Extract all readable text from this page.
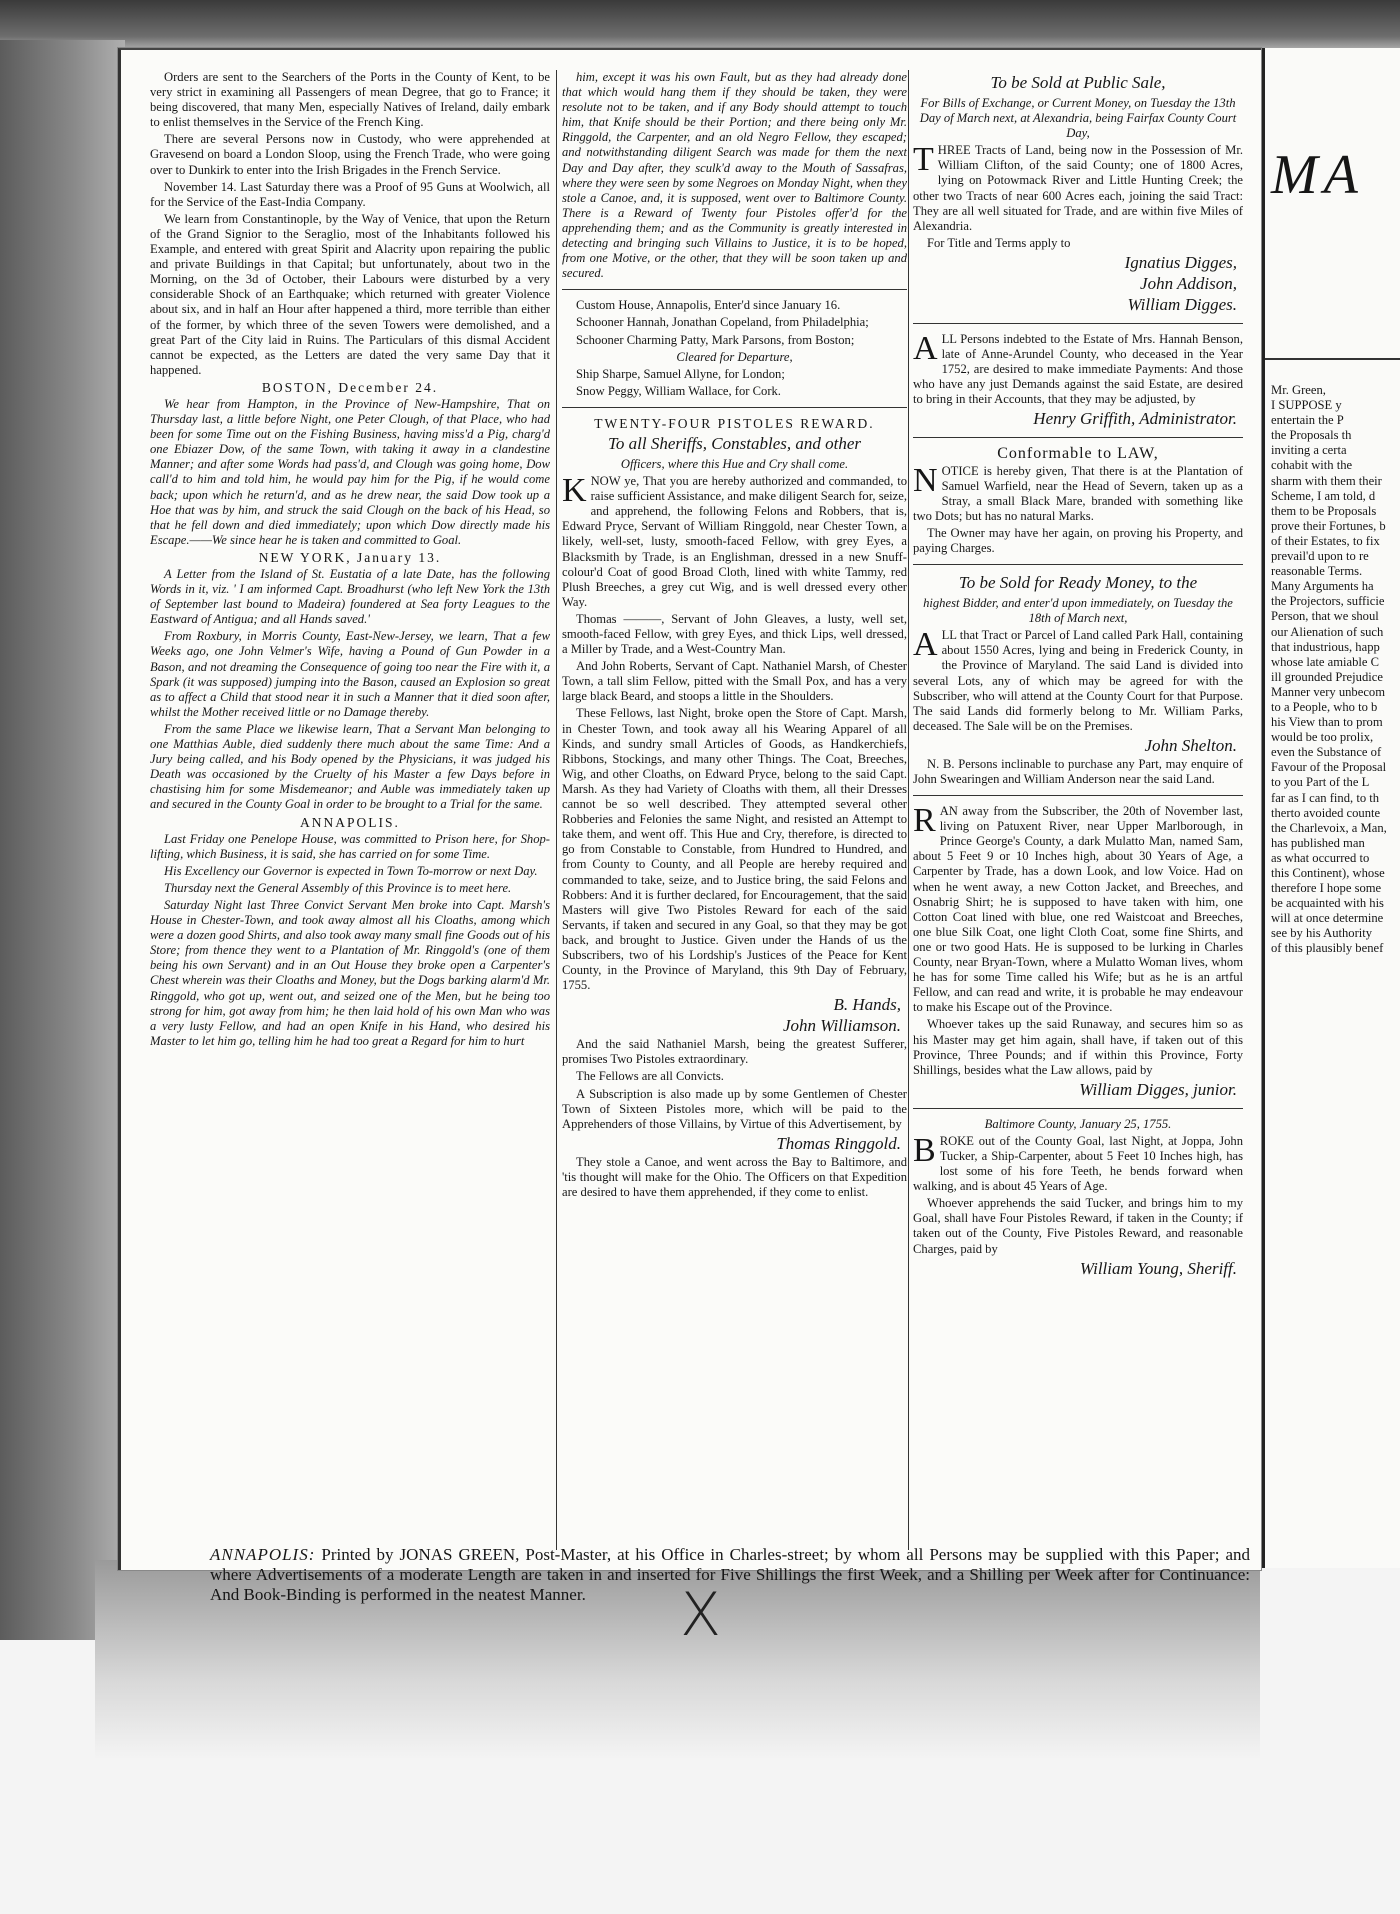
Orders are sent to the Searchers of the Ports in the County of Kent, to be very strict in examining all Passengers of mean Degree, that go to France; it being discovered, that many Men, especially Natives of Ireland, daily embark to enlist themselves in the Service of the French King.

There are several Persons now in Custody, who were apprehended at Gravesend on board a London Sloop, using the French Trade, who were going over to Dunkirk to enter into the Irish Brigades in the French Service.

November 14. Last Saturday there was a Proof of 95 Guns at Woolwich, all for the Service of the East-India Company.

We learn from Constantinople, by the Way of Venice, that upon the Return of the Grand Signior to the Seraglio, most of the Inhabitants followed his Example, and entered with great Spirit and Alacrity upon repairing the public and private Buildings in that Capital; but unfortunately, about two in the Morning, on the 3d of October, their Labours were disturbed by a very considerable Shock of an Earthquake; which returned with greater Violence about six, and in half an Hour after happened a third, more terrible than either of the former, by which three of the seven Towers were demolished, and a great Part of the City laid in Ruins. The Particulars of this dismal Accident cannot be expected, as the Letters are dated the very same Day that it happened.

BOSTON, December 24.

We hear from Hampton, in the Province of New-Hampshire, That on Thursday last, a little before Night, one Peter Clough, of that Place, who had been for some Time out on the Fishing Business, having miss'd a Pig, charg'd one Ebiazer Dow, of the same Town, with taking it away in a clandestine Manner; and after some Words had pass'd, and Clough was going home, Dow call'd to him and told him, he would pay him for the Pig, if he would come back; upon which he return'd, and as he drew near, the said Dow took up a Hoe that was by him, and struck the said Clough on the back of his Head, so that he fell down and died immediately; upon which Dow directly made his Escape.——We since hear he is taken and committed to Goal.

NEW YORK, January 13.

A Letter from the Island of St. Eustatia of a late Date, has the following Words in it, viz. ' I am informed Capt. Broadhurst (who left New York the 13th of September last bound to Madeira) foundered at Sea forty Leagues to the Eastward of Antigua; and all Hands saved.'

From Roxbury, in Morris County, East-New-Jersey, we learn, That a few Weeks ago, one John Velmer's Wife, having a Pound of Gun Powder in a Bason, and not dreaming the Consequence of going too near the Fire with it, a Spark (it was supposed) jumping into the Bason, caused an Explosion so great as to affect a Child that stood near it in such a Manner that it died soon after, whilst the Mother received little or no Damage thereby.

From the same Place we likewise learn, That a Servant Man belonging to one Matthias Auble, died suddenly there much about the same Time: And a Jury being called, and his Body opened by the Physicians, it was judged his Death was occasioned by the Cruelty of his Master a few Days before in chastising him for some Misdemeanor; and Auble was immediately taken up and secured in the County Goal in order to be brought to a Trial for the same.

ANNAPOLIS.

Last Friday one Penelope House, was committed to Prison here, for Shop-lifting, which Business, it is said, she has carried on for some Time.

His Excellency our Governor is expected in Town To-morrow or next Day.

Thursday next the General Assembly of this Province is to meet here.

Saturday Night last Three Convict Servant Men broke into Capt. Marsh's House in Chester-Town, and took away almost all his Cloaths, among which were a dozen good Shirts, and also took away many small fine Goods out of his Store; from thence they went to a Plantation of Mr. Ringgold's (one of them being his own Servant) and in an Out House they broke open a Carpenter's Chest wherein was their Cloaths and Money, but the Dogs barking alarm'd Mr. Ringgold, who got up, went out, and seized one of the Men, but he being too strong for him, got away from him; he then laid hold of his own Man who was a very lusty Fellow, and had an open Knife in his Hand, who desired his Master to let him go, telling him he had too great a Regard for him to hurt

him, except it was his own Fault, but as they had already done that which would hang them if they should be taken, they were resolute not to be taken, and if any Body should attempt to touch him, that Knife should be their Portion; and there being only Mr. Ringgold, the Carpenter, and an old Negro Fellow, they escaped; and notwithstanding diligent Search was made for them the next Day and Day after, they sculk'd away to the Mouth of Sassafras, where they were seen by some Negroes on Monday Night, when they stole a Canoe, and, it is supposed, went over to Baltimore County. There is a Reward of Twenty four Pistoles offer'd for the apprehending them; and as the Community is greatly interested in detecting and bringing such Villains to Justice, it is to be hoped, from one Motive, or the other, that they will be soon taken up and secured.

Custom House, Annapolis, Enter'd since January 16.

Schooner Hannah, Jonathan Copeland, from Philadelphia;

Schooner Charming Patty, Mark Parsons, from Boston;

Cleared for Departure,

Ship Sharpe, Samuel Allyne, for London;

Snow Peggy, William Wallace, for Cork.

TWENTY-FOUR PISTOLES REWARD.

To all Sheriffs, Constables, and other

Officers, where this Hue and Cry shall come.

KNOW ye, That you are hereby authorized and commanded, to raise sufficient Assistance, and make diligent Search for, seize, and apprehend, the following Felons and Robbers, that is, Edward Pryce, Servant of William Ringgold, near Chester Town, a likely, well-set, lusty, smooth-faced Fellow, with grey Eyes, a Blacksmith by Trade, is an Englishman, dressed in a new Snuff-colour'd Coat of good Broad Cloth, lined with white Tammy, red Plush Breeches, a grey cut Wig, and is well dressed every other Way.

Thomas ———, Servant of John Gleaves, a lusty, well set, smooth-faced Fellow, with grey Eyes, and thick Lips, well dressed, a Miller by Trade, and a West-Country Man.

And John Roberts, Servant of Capt. Nathaniel Marsh, of Chester Town, a tall slim Fellow, pitted with the Small Pox, and has a very large black Beard, and stoops a little in the Shoulders.

These Fellows, last Night, broke open the Store of Capt. Marsh, in Chester Town, and took away all his Wearing Apparel of all Kinds, and sundry small Articles of Goods, as Handkerchiefs, Ribbons, Stockings, and many other Things. The Coat, Breeches, Wig, and other Cloaths, on Edward Pryce, belong to the said Capt. Marsh. As they had Variety of Cloaths with them, all their Dresses cannot be so well described. They attempted several other Robberies and Felonies the same Night, and resisted an Attempt to take them, and went off. This Hue and Cry, therefore, is directed to go from Constable to Constable, from Hundred to Hundred, and from County to County, and all People are hereby required and commanded to take, seize, and to Justice bring, the said Felons and Robbers: And it is further declared, for Encouragement, that the said Masters will give Two Pistoles Reward for each of the said Servants, if taken and secured in any Goal, so that they may be got back, and brought to Justice. Given under the Hands of us the Subscribers, two of his Lordship's Justices of the Peace for Kent County, in the Province of Maryland, this 9th Day of February, 1755.

B. Hands,

John Williamson.

And the said Nathaniel Marsh, being the greatest Sufferer, promises Two Pistoles extraordinary.

The Fellows are all Convicts.

A Subscription is also made up by some Gentlemen of Chester Town of Sixteen Pistoles more, which will be paid to the Apprehenders of those Villains, by Virtue of this Advertisement, by

Thomas Ringgold.

They stole a Canoe, and went across the Bay to Baltimore, and 'tis thought will make for the Ohio. The Officers on that Expedition are desired to have them apprehended, if they come to enlist.

To be Sold at Public Sale,

For Bills of Exchange, or Current Money, on Tuesday the 13th Day of March next, at Alexandria, being Fairfax County Court Day,

THREE Tracts of Land, being now in the Possession of Mr. William Clifton, of the said County; one of 1800 Acres, lying on Potowmack River and Little Hunting Creek; the other two Tracts of near 600 Acres each, joining the said Tract: They are all well situated for Trade, and are within five Miles of Alexandria.

For Title and Terms apply to

Ignatius Digges,

John Addison,

William Digges.

ALL Persons indebted to the Estate of Mrs. Hannah Benson, late of Anne-Arundel County, who deceased in the Year 1752, are desired to make immediate Payments: And those who have any just Demands against the said Estate, are desired to bring in their Accounts, that they may be adjusted, by

Henry Griffith, Administrator.

Conformable to LAW,

NOTICE is hereby given, That there is at the Plantation of Samuel Warfield, near the Head of Severn, taken up as a Stray, a small Black Mare, branded with something like two Dots; but has no natural Marks.

The Owner may have her again, on proving his Property, and paying Charges.

To be Sold for Ready Money, to the

highest Bidder, and enter'd upon immediately, on Tuesday the 18th of March next,

ALL that Tract or Parcel of Land called Park Hall, containing about 1550 Acres, lying and being in Frederick County, in the Province of Maryland. The said Land is divided into several Lots, any of which may be agreed for with the Subscriber, who will attend at the County Court for that Purpose. The said Lands did formerly belong to Mr. William Parks, deceased. The Sale will be on the Premises.

John Shelton.

N. B. Persons inclinable to purchase any Part, may enquire of John Swearingen and William Anderson near the said Land.

RAN away from the Subscriber, the 20th of November last, living on Patuxent River, near Upper Marlborough, in Prince George's County, a dark Mulatto Man, named Sam, about 5 Feet 9 or 10 Inches high, about 30 Years of Age, a Carpenter by Trade, has a down Look, and low Voice. Had on when he went away, a new Cotton Jacket, and Breeches, and Osnabrig Shirt; he is supposed to have taken with him, one Cotton Coat lined with blue, one red Waistcoat and Breeches, one blue Silk Coat, one light Cloth Coat, some fine Shirts, and one or two good Hats. He is supposed to be lurking in Charles County, near Bryan-Town, where a Mulatto Woman lives, whom he has for some Time called his Wife; but as he is an artful Fellow, and can read and write, it is probable he may endeavour to make his Escape out of the Province.

Whoever takes up the said Runaway, and secures him so as his Master may get him again, shall have, if taken out of this Province, Three Pounds; and if within this Province, Forty Shillings, besides what the Law allows, paid by

William Digges, junior.

Baltimore County, January 25, 1755.

BROKE out of the County Goal, last Night, at Joppa, John Tucker, a Ship-Carpenter, about 5 Feet 10 Inches high, has lost some of his fore Teeth, he bends forward when walking, and is about 45 Years of Age.

Whoever apprehends the said Tucker, and brings him to my Goal, shall have Four Pistoles Reward, if taken in the County; if taken out of the County, Five Pistoles Reward, and reasonable Charges, paid by

William Young, Sheriff.

ANNAPOLIS: Printed by JONAS GREEN, Post-Master, at his Office in Charles-street; by whom all Persons may be supplied with this Paper; and where Advertisements of a moderate Length are taken in and inserted for Five Shillings the first Week, and a Shilling per Week after for Continuance: And Book-Binding is performed in the neatest Manner.	X
MA

Mr. Green,

I SUPPOSE y

entertain the P

the Proposals th

inviting a certa

cohabit with the

sharm with them their

Scheme, I am told, d

them to be Proposals

prove their Fortunes, b

of their Estates, to fix

prevail'd upon to re

reasonable Terms.

Many Arguments ha

the Projectors, sufficie

Person, that we shoul

our Alienation of such

that industrious, happ

whose late amiable C

ill grounded Prejudice

Manner very unbecom

to a People, who to b

his View than to prom

would be too prolix,

even the Substance of

Favour of the Proposal

to you Part of the L

far as I can find, to th

therto avoided counte

the Charlevoix, a Man,

has published man

as what occurred to

this Continent), whose

therefore I hope some

be acquainted with his

will at once determine

see by his Authority

of this plausibly benef
